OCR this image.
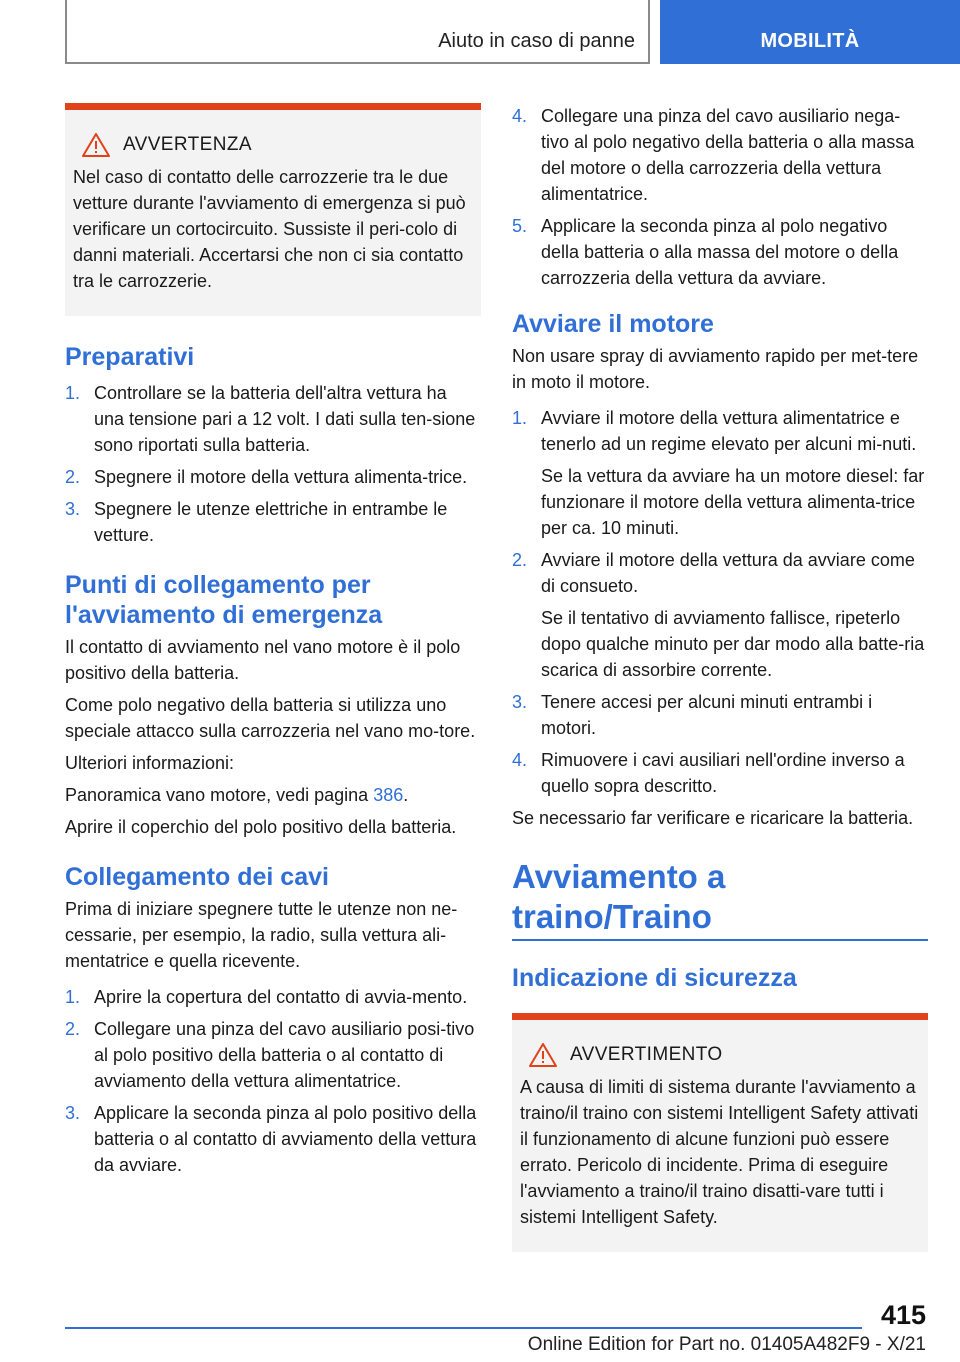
Aiuto in caso di panne	MOBILITÀ
AVVERTENZA
Nel caso di contatto delle carrozzerie tra le due vetture durante l'avviamento di emergenza si può verificare un cortocircuito. Sussiste il peri-colo di danni materiali. Accertarsi che non ci sia contatto tra le carrozzerie.
Preparativi
1. Controllare se la batteria dell'altra vettura ha una tensione pari a 12 volt. I dati sulla ten-sione sono riportati sulla batteria.
2. Spegnere il motore della vettura alimenta-trice.
3. Spegnere le utenze elettriche in entrambe le vetture.
Punti di collegamento per l'avviamento di emergenza

Il contatto di avviamento nel vano motore è il polo positivo della batteria.

Come polo negativo della batteria si utilizza uno speciale attacco sulla carrozzeria nel vano mo-tore.

Ulteriori informazioni:

Panoramica vano motore, vedi pagina 386.

Aprire il coperchio del polo positivo della batteria.

Collegamento dei cavi

Prima di iniziare spegnere tutte le utenze non ne-cessarie, per esempio, la radio, sulla vettura ali-mentatrice e quella ricevente.

1. Aprire la copertura del contatto di avvia-mento.
2. Collegare una pinza del cavo ausiliario posi-tivo al polo positivo della batteria o al contatto di avviamento della vettura alimentatrice.
3. Applicare la seconda pinza al polo positivo della batteria o al contatto di avviamento della vettura da avviare.
4. Collegare una pinza del cavo ausiliario nega-tivo al polo negativo della batteria o alla massa del motore o della carrozzeria della vettura alimentatrice.
5. Applicare la seconda pinza al polo negativo della batteria o alla massa del motore o della carrozzeria della vettura da avviare.
Avviare il motore

Non usare spray di avviamento rapido per met-tere in moto il motore.

1. Avviare il motore della vettura alimentatrice e tenerlo ad un regime elevato per alcuni mi-nuti.
Se la vettura da avviare ha un motore diesel: far funzionare il motore della vettura alimenta-trice per ca. 10 minuti.
2. Avviare il motore della vettura da avviare come di consueto.
Se il tentativo di avviamento fallisce, ripeterlo dopo qualche minuto per dar modo alla batte-ria scarica di assorbire corrente.
3. Tenere accesi per alcuni minuti entrambi i motori.
4. Rimuovere i cavi ausiliari nell'ordine inverso a quello sopra descritto.

Se necessario far verificare e ricaricare la batteria.

Avviamento a traino/Traino
Indicazione di sicurezza
AVVERTIMENTO
A causa di limiti di sistema durante l'avviamento a traino/il traino con sistemi Intelligent Safety attivati il funzionamento di alcune funzioni può essere errato. Pericolo di incidente. Prima di eseguire l'avviamento a traino/il traino disatti-vare tutti i sistemi Intelligent Safety.
415
Online Edition for Part no. 01405A482F9 - X/21
